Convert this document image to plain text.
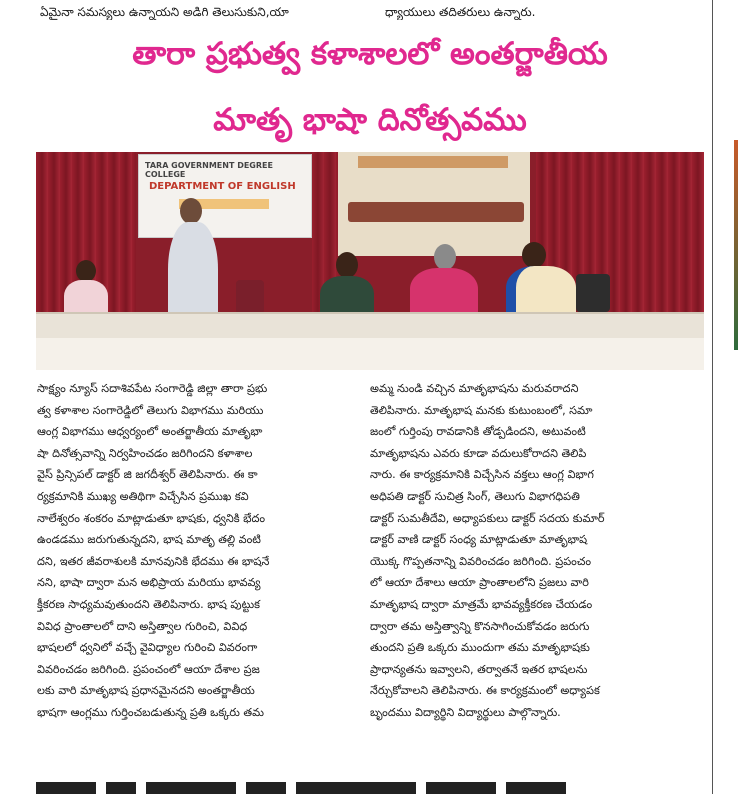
ఏమైనా సమస్యలు ఉన్నాయని అడిగి తెలుసుకుని,యా	ధ్యాయులు తదితరులు ఉన్నారు.
తారా ప్రభుత్వ కళాశాలలో అంతర్జాతీయ
మాతృ భాషా దినోత్సవము
TARA GOVERNMENT DEGREE COLLEGE
DEPARTMENT OF ENGLISH
సాక్ష్యం న్యూస్ సదాశివపేట సంగారెడ్డి జిల్లా తారా ప్రభు
త్వ కళాశాల సంగారెడ్డిలో తెలుగు విభాగము మరియు
ఆంగ్ల విభాగము ఆధ్వర్యంలో అంతర్జాతీయ మాతృభా
షా దినోత్సవాన్ని నిర్వహించడం జరిగిందని కళాశాల
వైస్ ప్రిన్సిపల్ డాక్టర్ జి జగదీశ్వర్ తెలిపినారు. ఈ కా
ర్యక్రమానికి ముఖ్య అతిథిగా విచ్చేసిన ప్రముఖ కవి
నాలేశ్వరం శంకరం మాట్లాడుతూ భాషకు, ధ్వనికి భేదం
ఉండడము జరుగుతున్నదని, భాష మాతృ తల్లి వంటి
దని, ఇతర జీవరాశులకి మానవునికి భేదము ఈ భాషనే
నని, భాషా ద్వారా మన అభిప్రాయ మరియు భావవ్య
క్తీకరణ సాధ్యమవుతుందని తెలిపినారు. భాష పుట్టుక
వివిధ ప్రాంతాలలో దాని అస్తిత్వాల గురించి, వివిధ
భాషలలో ధ్వనిలో వచ్చే వైవిధ్యాల గురించి వివరంగా
వివరించడం జరిగింది. ప్రపంచంలో ఆయా దేశాల ప్రజ
లకు వారి మాతృభాష ప్రధానమైనదని అంతర్జాతీయ
భాషగా ఆంగ్లము గుర్తించబడుతున్న ప్రతి ఒక్కరు తమ
అమ్మ నుండి వచ్చిన మాతృభాషను మరువరాదని
తెలిపినారు. మాతృభాష మనకు కుటుంబంలో, సమా
జంలో గుర్తింపు రావడానికి తోడ్పడిందని, అటువంటి
మాతృభాషను ఎవరు కూడా వదులుకోరాదని తెలిపి
నారు. ఈ కార్యక్రమానికి విచ్చేసిన వక్తలు ఆంగ్ల విభాగ
అధిపతి డాక్టర్ సుచిత్ర సింగ్, తెలుగు విభాగధిపతి
డాక్టర్ సుమతీదేవి, అధ్యాపకులు డాక్టర్ సదయ కుమార్
డాక్టర్ వాణి డాక్టర్ సంధ్య మాట్లాడుతూ మాతృభాష
యొక్క గొప్పతనాన్ని వివరించడం జరిగింది. ప్రపంచం
లో ఆయా దేశాలు ఆయా ప్రాంతాలలోని ప్రజలు వారి
మాతృభాష ద్వారా మాత్రమే భావవ్యక్తీకరణ చేయడం
ద్వారా తమ అస్తిత్వాన్ని కొనసాగించుకోవడం జరుగు
తుందని ప్రతి ఒక్కరు ముందుగా తమ మాతృభాషకు
ప్రాధాన్యతను ఇవ్వాలని, తర్వాతనే ఇతర భాషలను
నేర్చుకోవాలని తెలిపినారు. ఈ కార్యక్రమంలో అధ్యాపక
బృందము విద్యార్థిని విద్యార్థులు పాల్గొన్నారు.
